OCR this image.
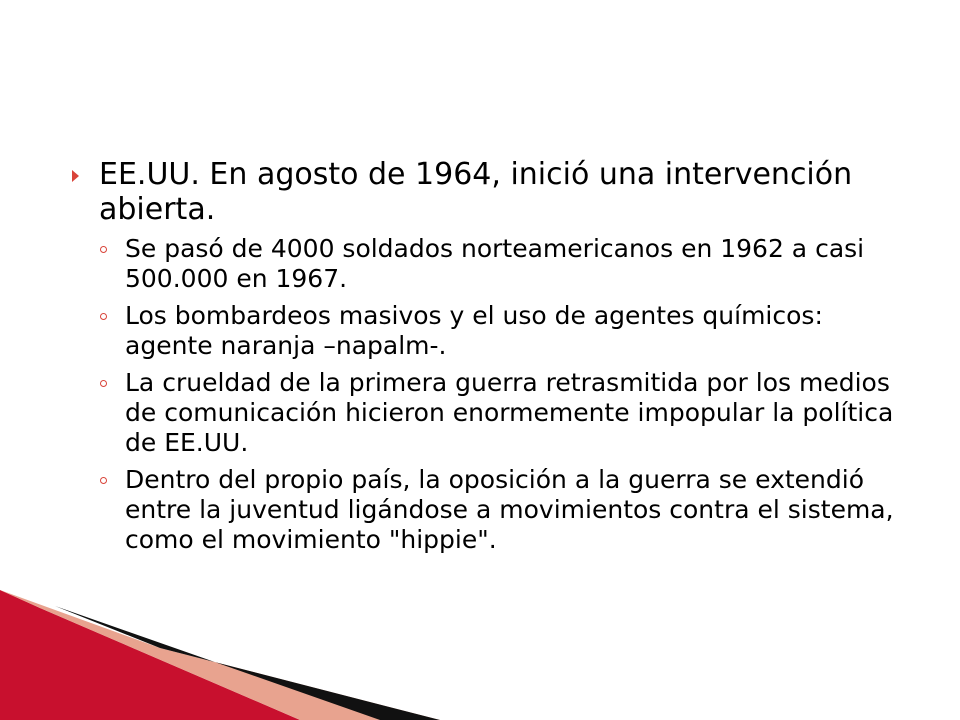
EE.UU. En agosto de 1964, inició una intervención abierta.
Se pasó de 4000 soldados norteamericanos en 1962 a casi 500.000 en 1967.
Los bombardeos masivos y el uso de agentes químicos: agente naranja –napalm-.
La crueldad de la primera guerra retrasmitida por los medios de comunicación hicieron enormemente impopular la política de EE.UU.
Dentro del propio país, la oposición a la guerra se extendió entre la juventud ligándose a movimientos contra el sistema, como el movimiento "hippie".
